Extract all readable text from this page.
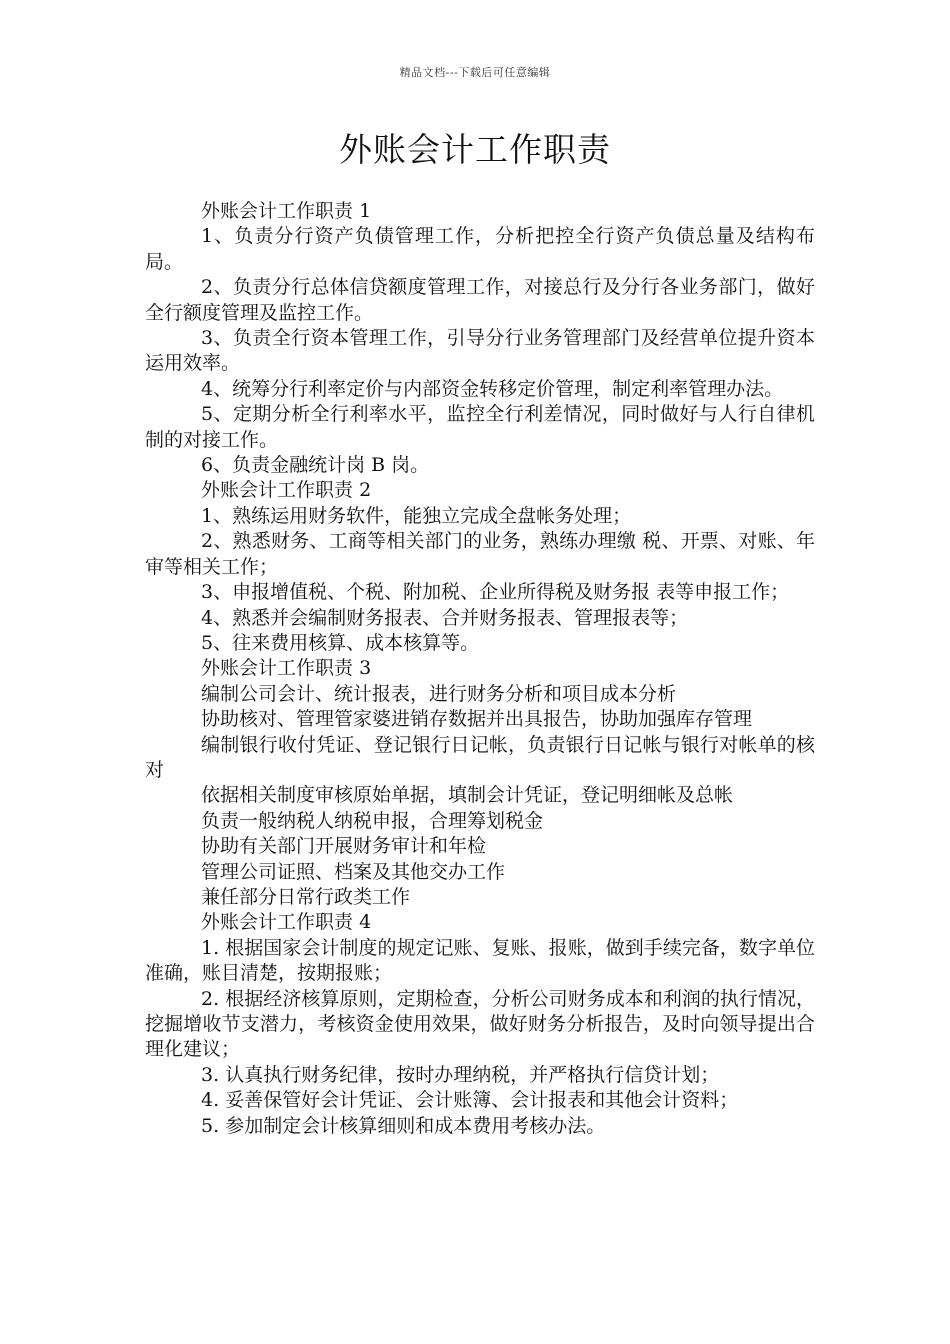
精品文档---下载后可任意编辑
外账会计工作职责

外账会计工作职责 1

1、负责分行资产负债管理工作，分析把控全行资产负债总量及结构布局。

2、负责分行总体信贷额度管理工作，对接总行及分行各业务部门，做好全行额度管理及监控工作。

3、负责全行资本管理工作，引导分行业务管理部门及经营单位提升资本运用效率。

4、统筹分行利率定价与内部资金转移定价管理，制定利率管理办法。

5、定期分析全行利率水平，监控全行利差情况，同时做好与人行自律机制的对接工作。

6、负责金融统计岗 B 岗。

外账会计工作职责 2

1、熟练运用财务软件，能独立完成全盘帐务处理；

2、熟悉财务、工商等相关部门的业务，熟练办理缴 税、开票、对账、年审等相关工作；

3、申报增值税、个税、附加税、企业所得税及财务报 表等申报工作；

4、熟悉并会编制财务报表、合并财务报表、管理报表等；

5、往来费用核算、成本核算等。

外账会计工作职责 3

编制公司会计、统计报表，进行财务分析和项目成本分析

协助核对、管理管家婆进销存数据并出具报告，协助加强库存管理

编制银行收付凭证、登记银行日记帐，负责银行日记帐与银行对帐单的核对

依据相关制度审核原始单据，填制会计凭证，登记明细帐及总帐

负责一般纳税人纳税申报，合理筹划税金

协助有关部门开展财务审计和年检

管理公司证照、档案及其他交办工作

兼任部分日常行政类工作

外账会计工作职责 4

1. 根据国家会计制度的规定记账、复账、报账，做到手续完备，数字单位准确，账目清楚，按期报账；

2. 根据经济核算原则，定期检查，分析公司财务成本和利润的执行情况，挖掘增收节支潜力，考核资金使用效果，做好财务分析报告，及时向领导提出合理化建议；

3. 认真执行财务纪律，按时办理纳税，并严格执行信贷计划；

4. 妥善保管好会计凭证、会计账簿、会计报表和其他会计资料；

5. 参加制定会计核算细则和成本费用考核办法。
